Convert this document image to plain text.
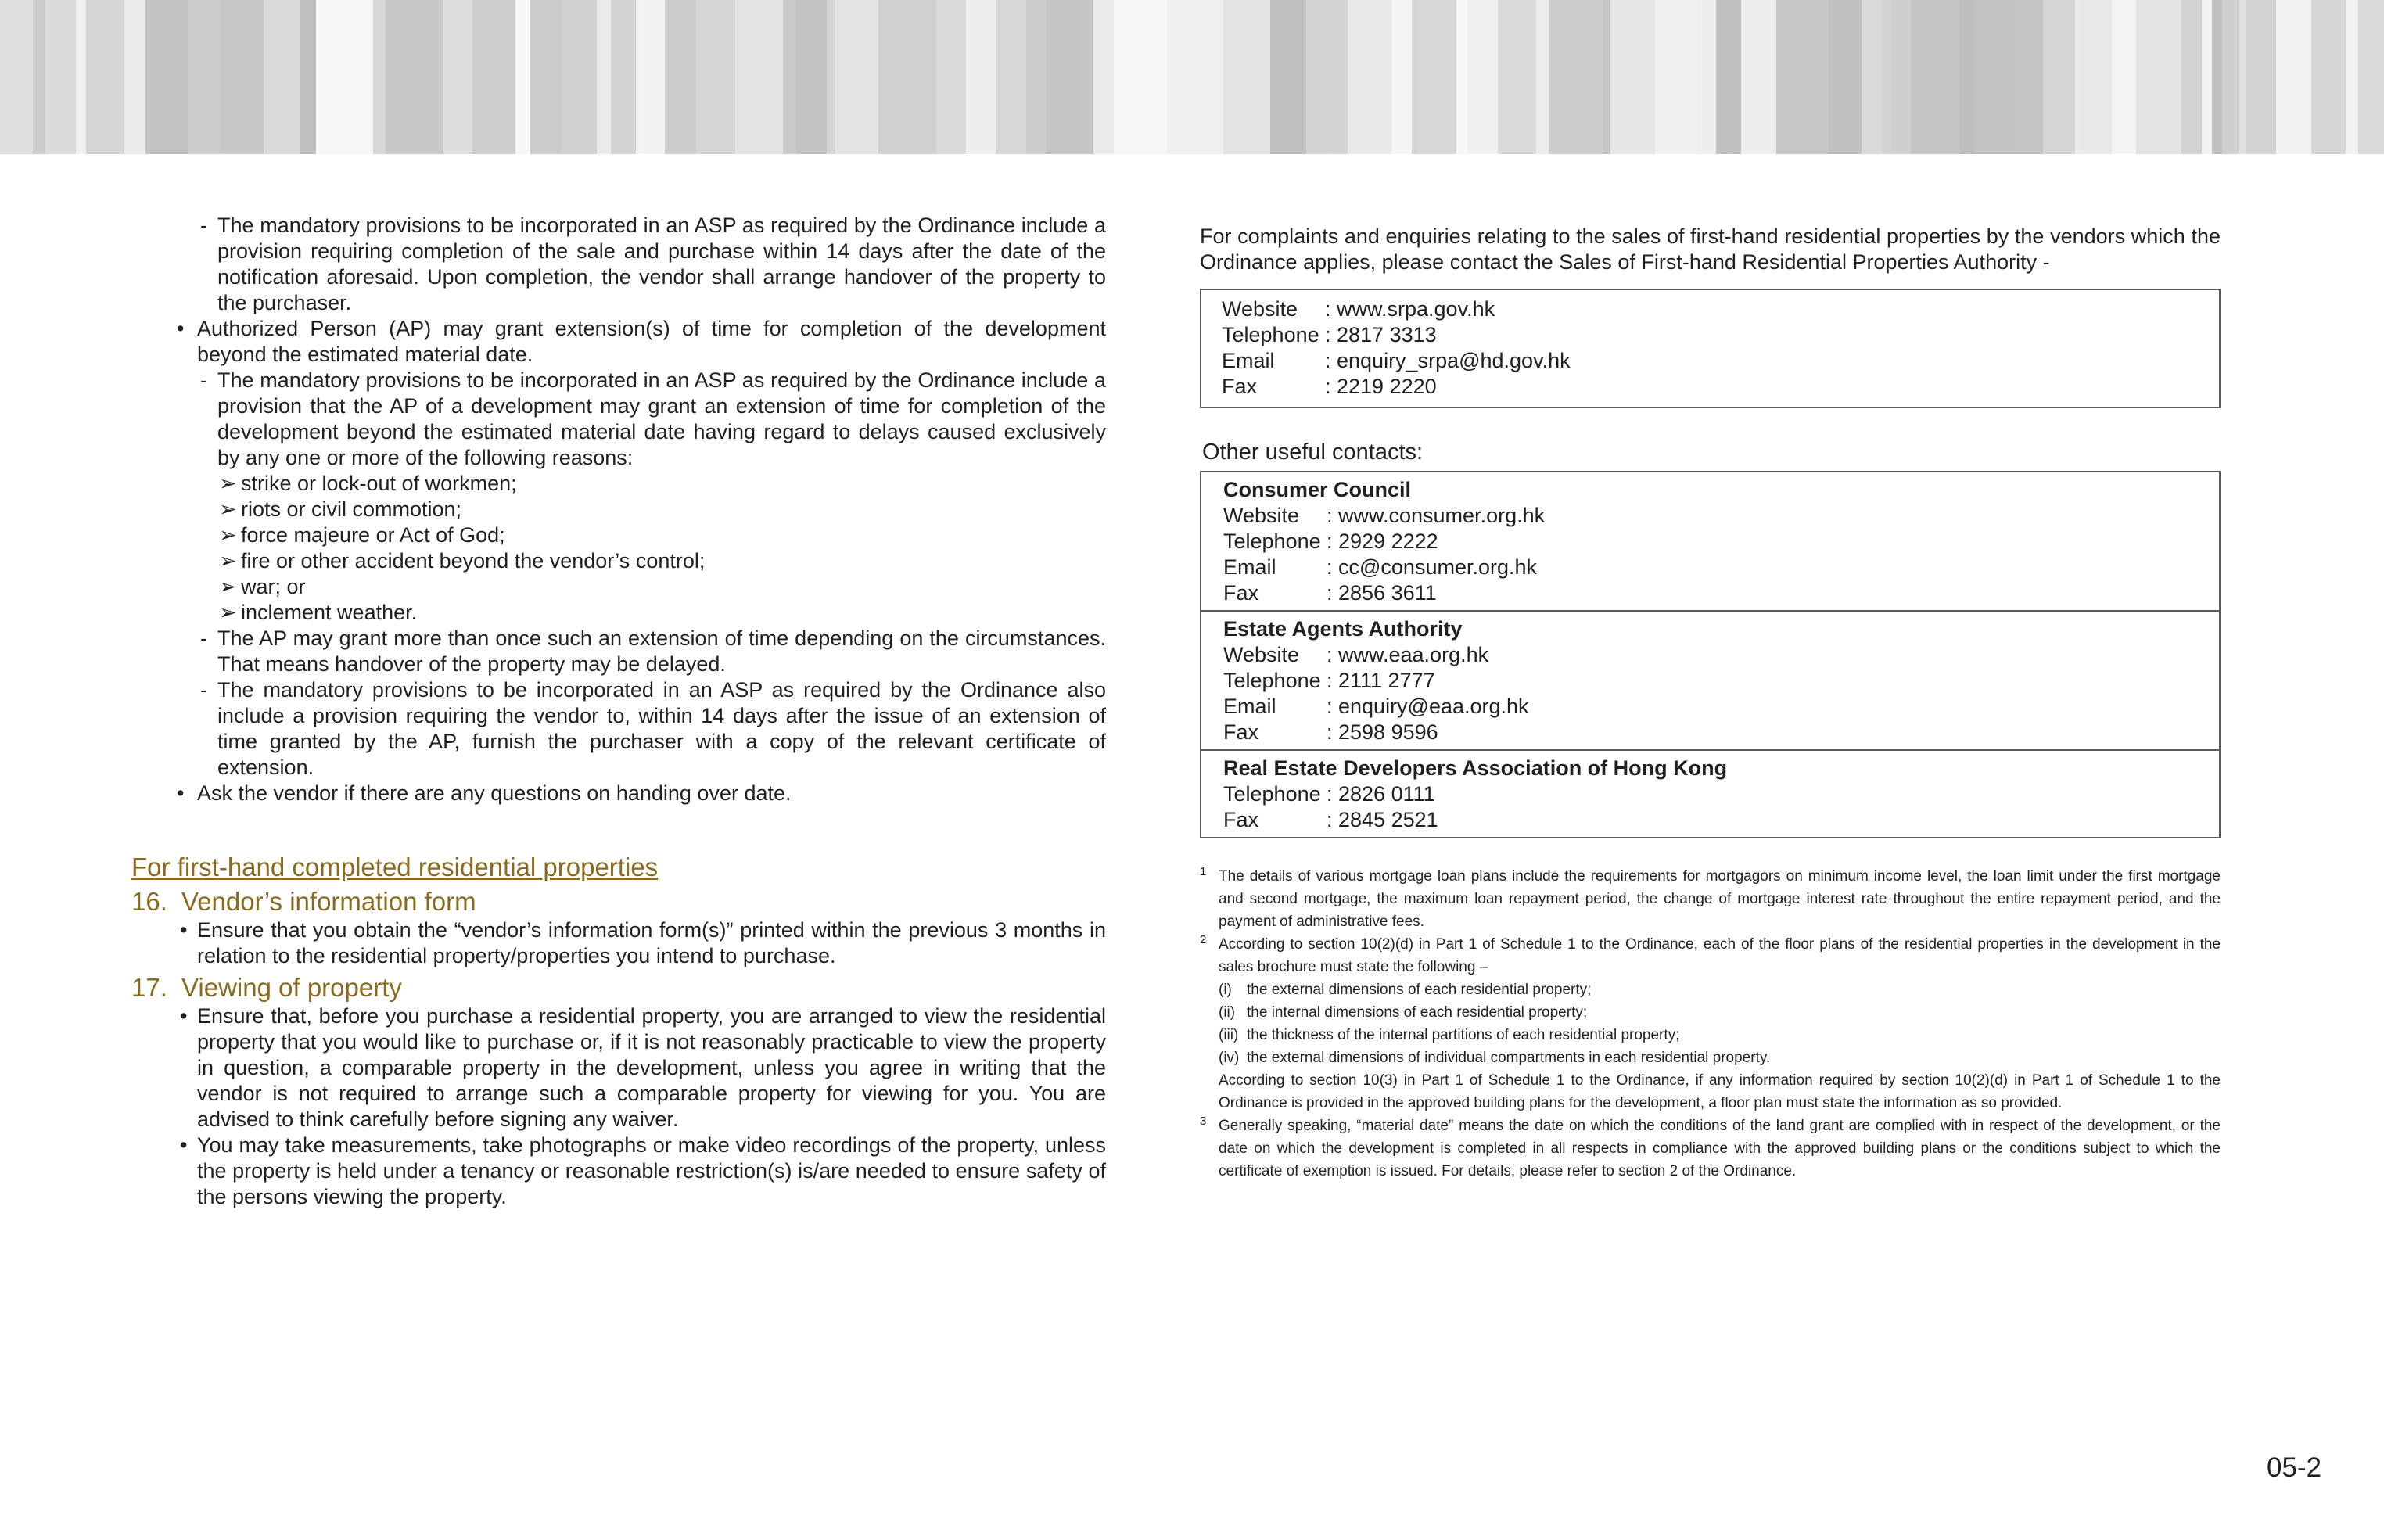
- The mandatory provisions to be incorporated in an ASP as required by the Ordinance include a provision requiring completion of the sale and purchase within 14 days after the date of the notification aforesaid. Upon completion, the vendor shall arrange handover of the property to the purchaser.
• Authorized Person (AP) may grant extension(s) of time for completion of the development beyond the estimated material date.
- The mandatory provisions to be incorporated in an ASP as required by the Ordinance include a provision that the AP of a development may grant an extension of time for completion of the development beyond the estimated material date having regard to delays caused exclusively by any one or more of the following reasons:
➢ strike or lock-out of workmen;
➢ riots or civil commotion;
➢ force majeure or Act of God;
➢ fire or other accident beyond the vendor’s control;
➢ war; or
➢ inclement weather.
- The AP may grant more than once such an extension of time depending on the circumstances. That means handover of the property may be delayed.
- The mandatory provisions to be incorporated in an ASP as required by the Ordinance also include a provision requiring the vendor to, within 14 days after the issue of an extension of time granted by the AP, furnish the purchaser with a copy of the relevant certificate of extension.
• Ask the vendor if there are any questions on handing over date.
For first-hand completed residential properties
16. Vendor’s information form
• Ensure that you obtain the “vendor’s information form(s)” printed within the previous 3 months in relation to the residential property/properties you intend to purchase.
17. Viewing of property
• Ensure that, before you purchase a residential property, you are arranged to view the residential property that you would like to purchase or, if it is not reasonably practicable to view the property in question, a comparable property in the development, unless you agree in writing that the vendor is not required to arrange such a comparable property for viewing for you. You are advised to think carefully before signing any waiver.
• You may take measurements, take photographs or make video recordings of the property, unless the property is held under a tenancy or reasonable restriction(s) is/are needed to ensure safety of the persons viewing the property.
For complaints and enquiries relating to the sales of first-hand residential properties by the vendors which the Ordinance applies, please contact the Sales of First-hand Residential Properties Authority -
Website	: www.srpa.gov.hk
Telephone : 2817 3313
Email	: enquiry_srpa@hd.gov.hk
Fax	: 2219 2220
Other useful contacts:
Consumer Council
Website	: www.consumer.org.hk
Telephone : 2929 2222
Email	: cc@consumer.org.hk
Fax	: 2856 3611
Estate Agents Authority
Website	: www.eaa.org.hk
Telephone : 2111 2777
Email	: enquiry@eaa.org.hk
Fax	: 2598 9596
Real Estate Developers Association of Hong Kong
Telephone : 2826 0111
Fax	: 2845 2521
1 The details of various mortgage loan plans include the requirements for mortgagors on minimum income level, the loan limit under the first mortgage and second mortgage, the maximum loan repayment period, the change of mortgage interest rate throughout the entire repayment period, and the payment of administrative fees.
2 According to section 10(2)(d) in Part 1 of Schedule 1 to the Ordinance, each of the floor plans of the residential properties in the development in the sales brochure must state the following –
(i) the external dimensions of each residential property;
(ii) the internal dimensions of each residential property;
(iii) the thickness of the internal partitions of each residential property;
(iv) the external dimensions of individual compartments in each residential property.
According to section 10(3) in Part 1 of Schedule 1 to the Ordinance, if any information required by section 10(2)(d) in Part 1 of Schedule 1 to the Ordinance is provided in the approved building plans for the development, a floor plan must state the information as so provided.
3 Generally speaking, “material date” means the date on which the conditions of the land grant are complied with in respect of the development, or the date on which the development is completed in all respects in compliance with the approved building plans or the conditions subject to which the certificate of exemption is issued. For details, please refer to section 2 of the Ordinance.
05-2
